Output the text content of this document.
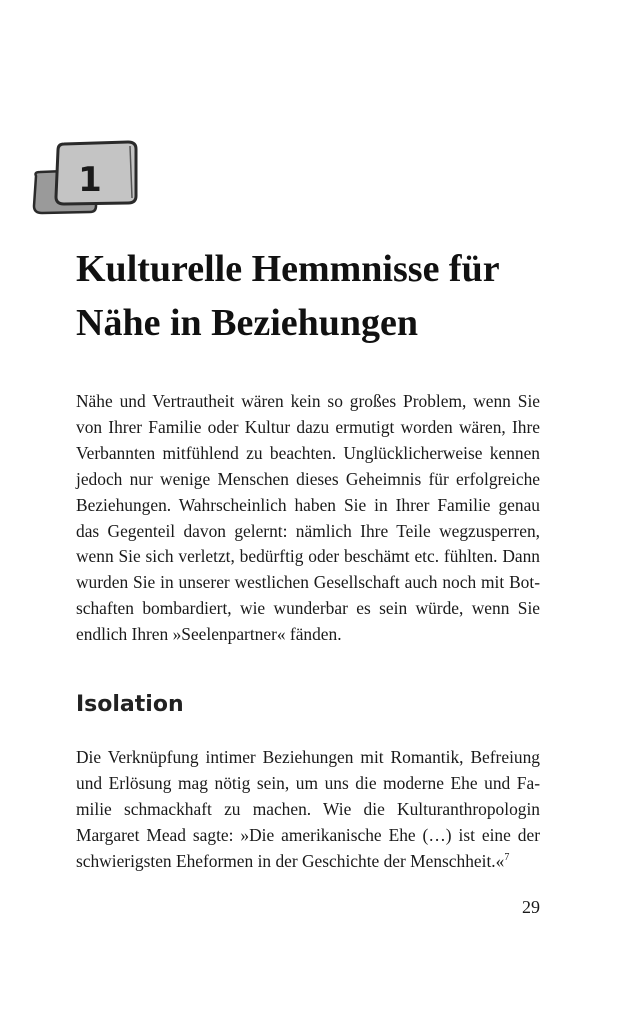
1
Kulturelle Hemmnisse für
Nähe in Beziehungen

Nähe und Vertrautheit wären kein so großes Problem, wenn Sie von Ihrer Familie oder Kultur dazu ermutigt worden wären, Ihre Verbannten mitfühlend zu beachten. Unglücklicherweise kennen jedoch nur wenige Menschen dieses Geheimnis für erfolgreiche Beziehungen. Wahrscheinlich haben Sie in Ihrer Familie genau das Gegenteil davon gelernt: nämlich Ihre Teile wegzusperren, wenn Sie sich verletzt, bedürftig oder beschämt etc. fühlten. Dann wurden Sie in unserer westlichen Gesellschaft auch noch mit Botschaften bombardiert, wie wunderbar es sein würde, wenn Sie endlich Ihren »Seelenpartner« fänden.

Isolation

Die Verknüpfung intimer Beziehungen mit Romantik, Befreiung und Erlösung mag nötig sein, um uns die moderne Ehe und Familie schmackhaft zu machen. Wie die Kulturanthropologin Margaret Mead sagte: »Die amerikanische Ehe (…) ist eine der schwierigsten Eheformen in der Geschichte der Menschheit.«$^7$

29
